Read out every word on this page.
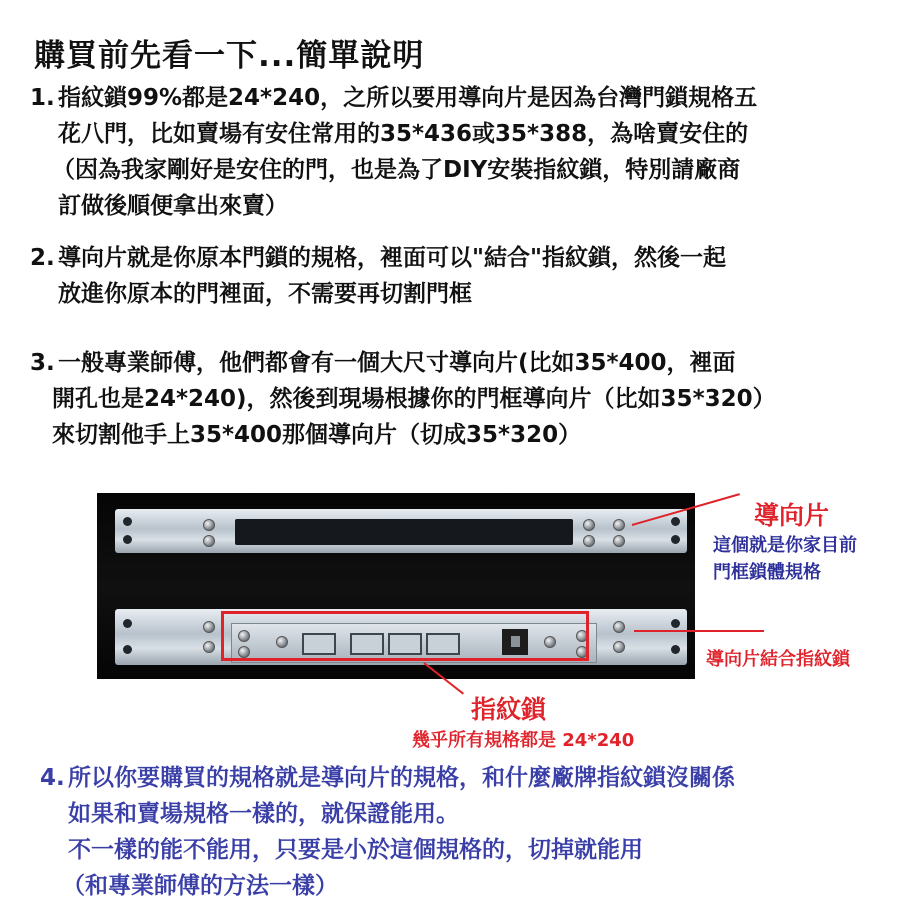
購買前先看一下...簡單說明
1. 指紋鎖99%都是24*240，之所以要用導向片是因為台灣門鎖規格五
花八門，比如賣場有安住常用的35*436或35*388，為啥賣安住的
（因為我家剛好是安住的門，也是為了DIY安裝指紋鎖，特別請廠商
訂做後順便拿出來賣）
2. 導向片就是你原本門鎖的規格，裡面可以"結合"指紋鎖，然後一起
放進你原本的門裡面，不需要再切割門框
3. 一般專業師傅，他們都會有一個大尺寸導向片(比如35*400，裡面
開孔也是24*240)，然後到現場根據你的門框導向片（比如35*320）
來切割他手上35*400那個導向片（切成35*320）
導向片
這個就是你家目前
門框鎖體規格
導向片結合指紋鎖
指紋鎖
幾乎所有規格都是 24*240
4. 所以你要購買的規格就是導向片的規格，和什麼廠牌指紋鎖沒關係
如果和賣場規格一樣的，就保證能用。
不一樣的能不能用，只要是小於這個規格的，切掉就能用
（和專業師傅的方法一樣）
